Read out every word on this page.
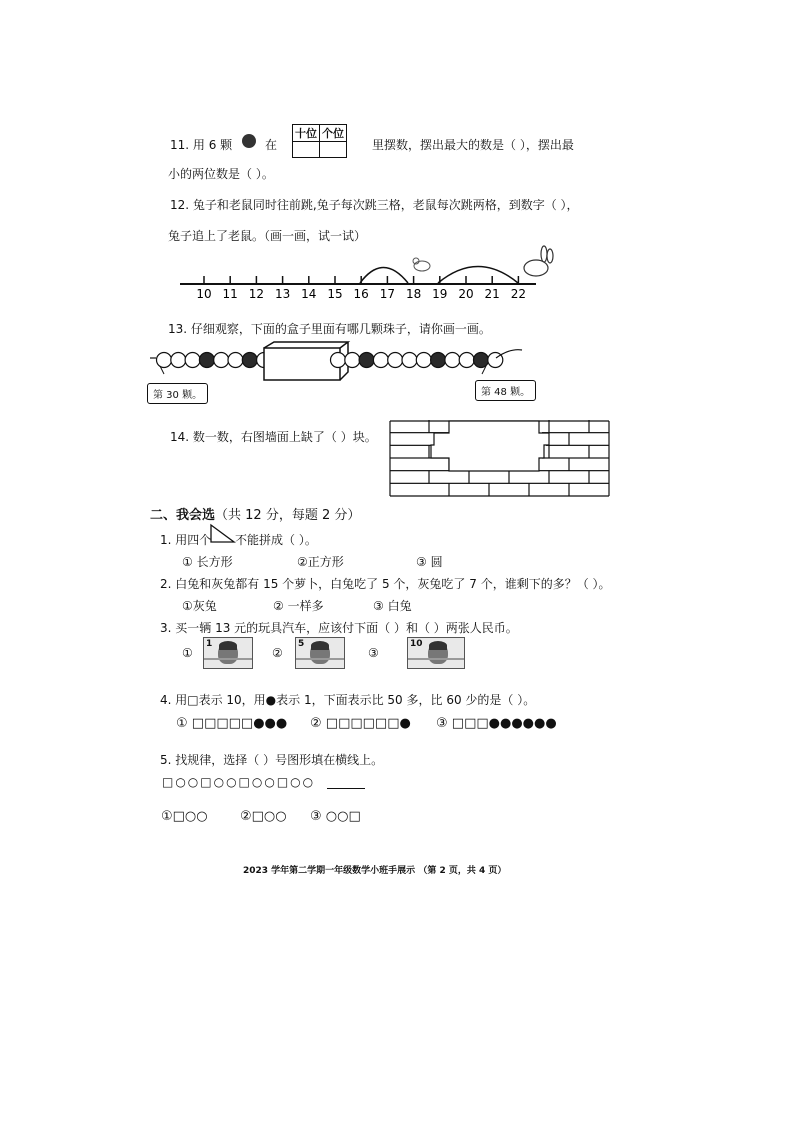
11. 用 6 颗	在
十位	个位

里摆数，摆出最大的数是（ ），摆出最
小的两位数是（ ）。
12. 兔子和老鼠同时往前跳,兔子每次跳三格，老鼠每次跳两格，到数字（ ），
兔子追上了老鼠。（画一画，试一试）
10 11 12 13 14 15 16 17 18 19 20 21 22
13. 仔细观察，下面的盒子里面有哪几颗珠子，请你画一画。
第 30 颗。	第 48 颗。
14. 数一数，右图墙面上缺了（ ）块。
二、我会选（共 12 分，每题 2 分）
1. 用四个 不能拼成（ ）。
① 长方形	②正方形	③ 圆
2. 白兔和灰兔都有 15 个萝卜，白兔吃了 5 个，灰兔吃了 7 个，谁剩下的多？（ ）。
①灰兔	② 一样多	③ 白兔
3. 买一辆 13 元的玩具汽车，应该付下面（ ）和（ ）两张人民币。
①
1
②
5
③
10
4. 用□表示 10，用●表示 1，下面表示比 50 多，比 60 少的是（ ）。
① □□□□□●●● ② □□□□□□● ③ □□□●●●●●●
5. 找规律，选择（ ）号图形填在横线上。
□○○□○○□○○□○○
①□○○ ②□○○ ③ ○○□
2023 学年第二学期一年级数学小班手展示 （第 2 页，共 4 页）
